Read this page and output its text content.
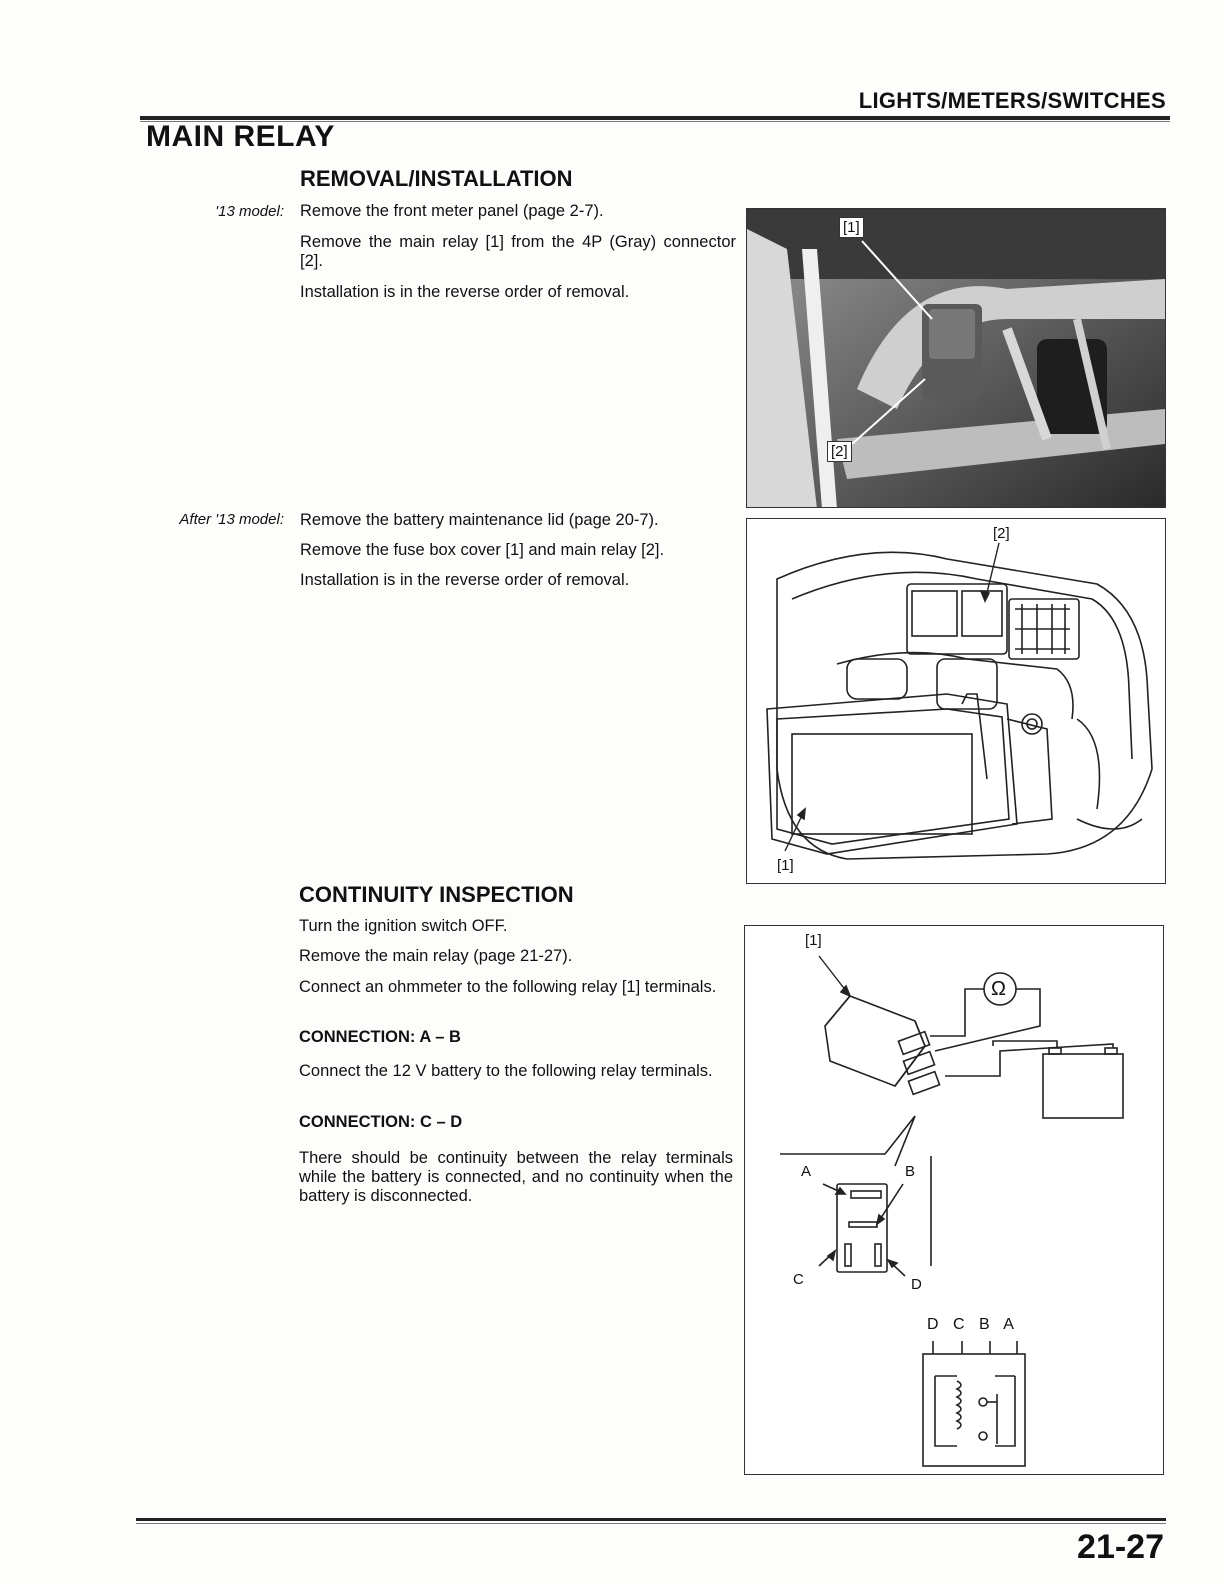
LIGHTS/METERS/SWITCHES
MAIN RELAY
REMOVAL/INSTALLATION
'13 model: Remove the front meter panel (page 2-7).
Remove the main relay [1] from the 4P (Gray) connector [2].
Installation is in the reverse order of removal.
After '13 model: Remove the battery maintenance lid (page 20-7).
Remove the fuse box cover [1] and main relay [2].
Installation is in the reverse order of removal.
CONTINUITY INSPECTION
Turn the ignition switch OFF.
Remove the main relay (page 21-27).
Connect an ohmmeter to the following relay [1] terminals.
CONNECTION: A – B
Connect the 12 V battery to the following relay terminals.
CONNECTION: C – D
There should be continuity between the relay terminals while the battery is connected, and no continuity when the battery is disconnected.
[1]
[2]
[2]
[1]
[1]
Ω
A	B
C	D
D C B A
21-27
